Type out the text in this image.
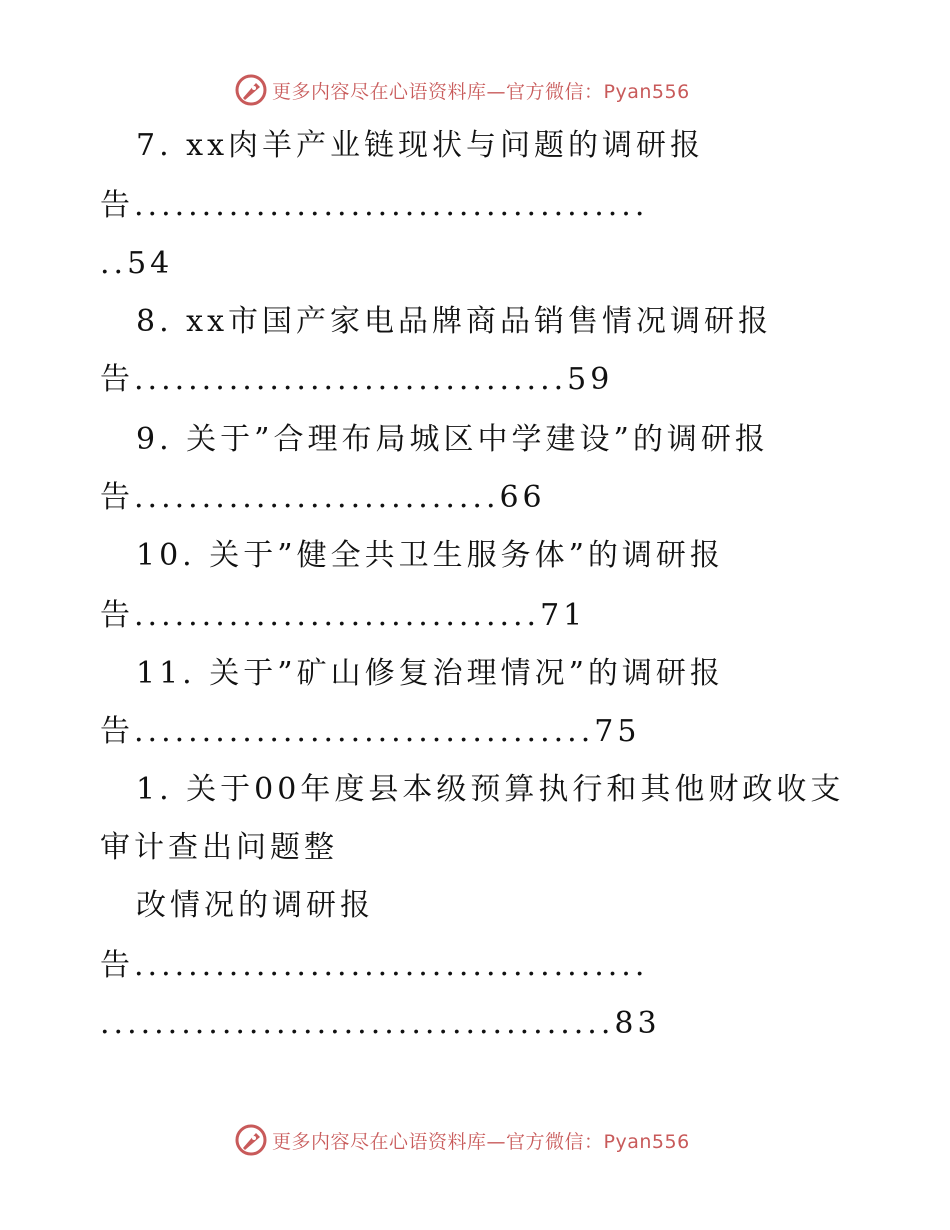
更多内容尽在心语资料库—官方微信：Pyan556
7. xx肉羊产业链现状与问题的调研报
告......................................
..54
8. xx市国产家电品牌商品销售情况调研报
告................................59
9. 关于”合理布局城区中学建设”的调研报
告...........................66
10. 关于”健全共卫生服务体”的调研报
告..............................71
11. 关于”矿山修复治理情况”的调研报
告..................................75
1. 关于00年度县本级预算执行和其他财政收支
审计查出问题整
改情况的调研报
告......................................
......................................83
更多内容尽在心语资料库—官方微信：Pyan556
